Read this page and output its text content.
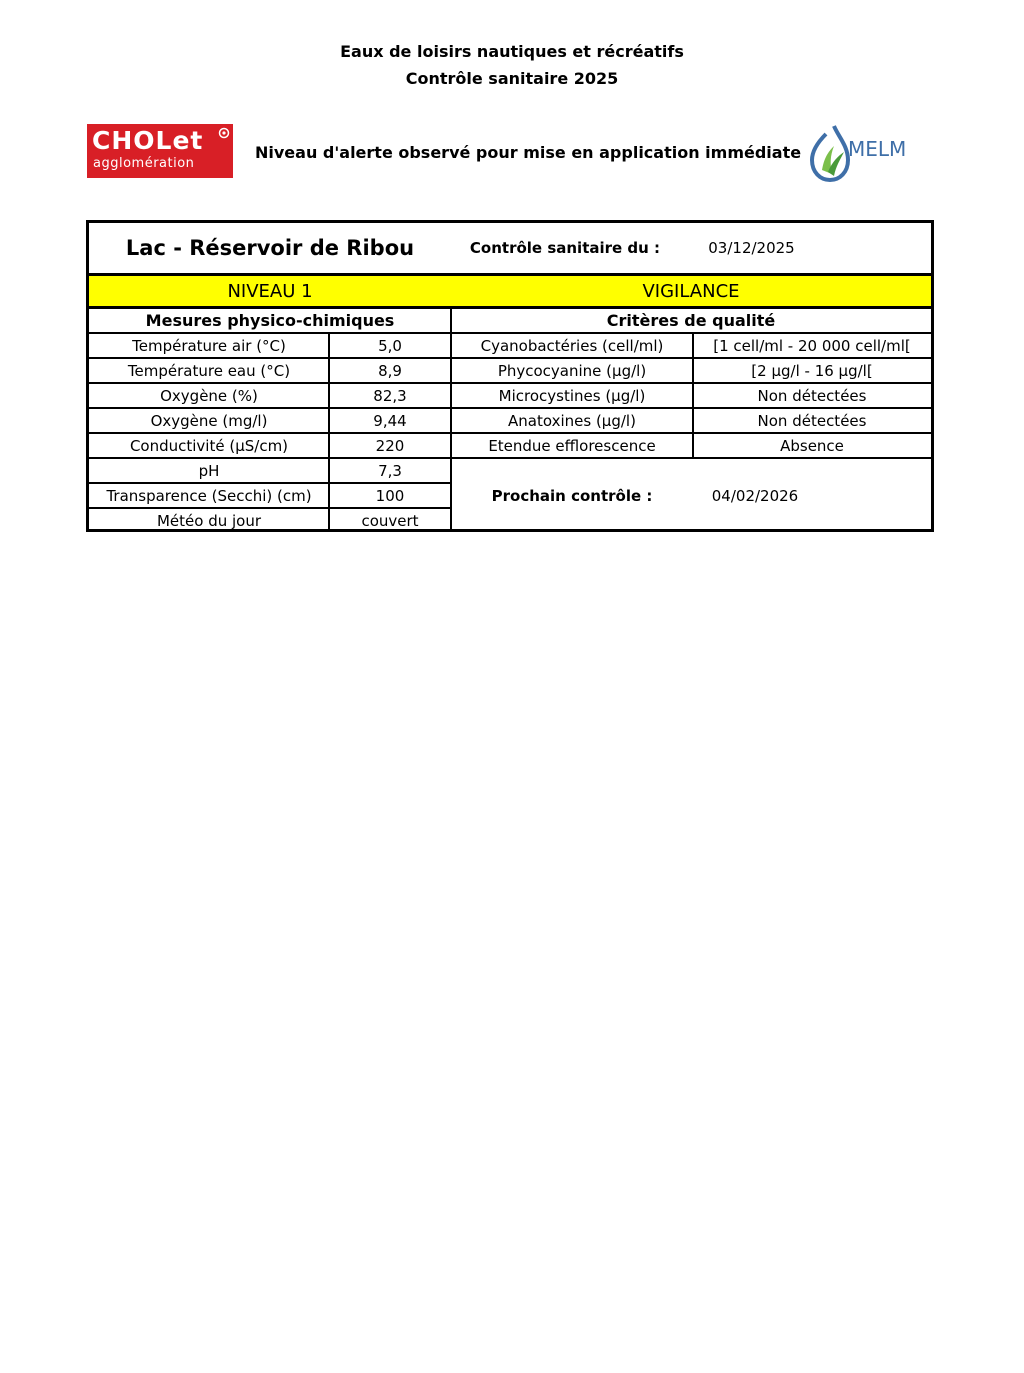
Eaux de loisirs nautiques et récréatifs
Contrôle sanitaire 2025
CHOLet
agglomération
Niveau d'alerte observé pour mise en application immédiate MELM
Lac - Réservoir de Ribou	Contrôle sanitaire du :	03/12/2025
NIVEAU 1	VIGILANCE
Mesures physico-chimiques	Critères de qualité
Température air (°C)	5,0	Cyanobactéries (cell/ml)	[1 cell/ml - 20 000 cell/ml[
Température eau (°C)	8,9	Phycocyanine (µg/l)	[2 µg/l - 16 µg/l[
Oxygène (%)	82,3	Microcystines (µg/l)	Non détectées
Oxygène (mg/l)	9,44	Anatoxines (µg/l)	Non détectées
Conductivité (µS/cm)	220	Etendue efflorescence	Absence
pH	7,3
Transparence (Secchi) (cm)	100	Prochain contrôle :	04/02/2026
Météo du jour	couvert
